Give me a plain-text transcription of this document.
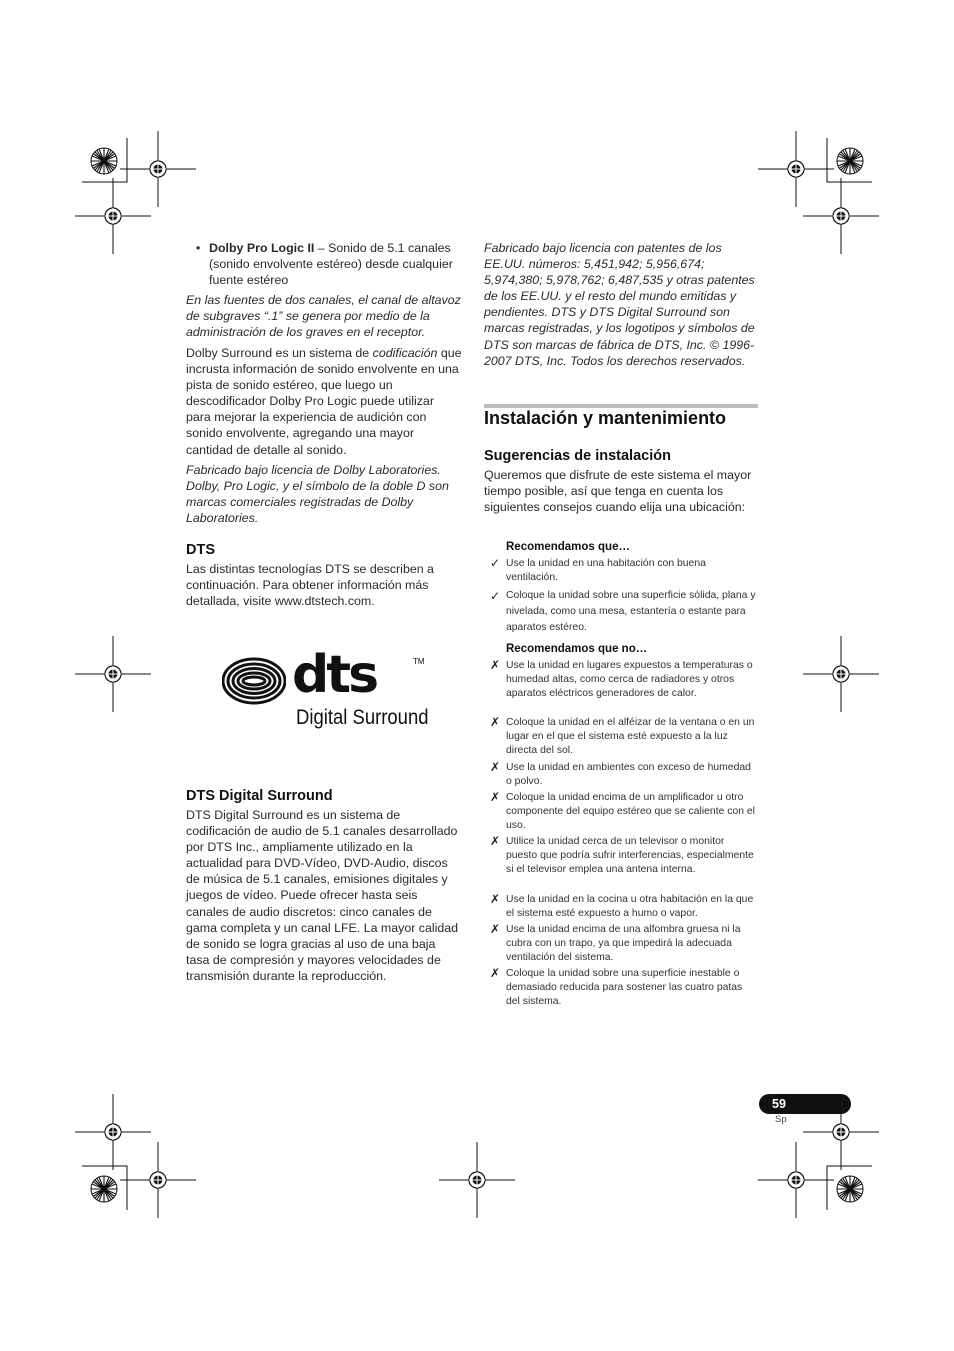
• Dolby Pro Logic II – Sonido de 5.1 canales (sonido envolvente estéreo) desde cualquier fuente estéreo

En las fuentes de dos canales, el canal de altavoz de subgraves “.1” se genera por medio de la administración de los graves en el receptor.

Dolby Surround es un sistema de codificación que incrusta información de sonido envolvente en una pista de sonido estéreo, que luego un descodificador Dolby Pro Logic puede utilizar para mejorar la experiencia de audición con sonido envolvente, agregando una mayor cantidad de detalle al sonido.

Fabricado bajo licencia de Dolby Laboratories. Dolby, Pro Logic, y el símbolo de la doble D son marcas comerciales registradas de Dolby Laboratories.

DTS

Las distintas tecnologías DTS se describen a continuación. Para obtener información más detallada, visite www.dtstech.com.

dts	TM
Digital Surround
DTS Digital Surround

DTS Digital Surround es un sistema de codificación de audio de 5.1 canales desarrollado por DTS Inc., ampliamente utilizado en la actualidad para DVD-Vídeo, DVD-Audio, discos de música de 5.1 canales, emisiones digitales y juegos de vídeo. Puede ofrecer hasta seis canales de audio discretos: cinco canales de gama completa y un canal LFE. La mayor calidad de sonido se logra gracias al uso de una baja tasa de compresión y mayores velocidades de transmisión durante la reproducción.

Fabricado bajo licencia con patentes de los EE.UU. números: 5,451,942; 5,956,674; 5,974,380; 5,978,762; 6,487,535 y otras patentes de los EE.UU. y el resto del mundo emitidas y pendientes. DTS y DTS Digital Surround son marcas registradas, y los logotipos y símbolos de DTS son marcas de fábrica de DTS, Inc. © 1996-2007 DTS, Inc. Todos los derechos reservados.

Instalación y mantenimiento
Sugerencias de instalación

Queremos que disfrute de este sistema el mayor tiempo posible, así que tenga en cuenta los siguientes consejos cuando elija una ubicación:

Recomendamos que…
✓ Use la unidad en una habitación con buena ventilación.
✓ Coloque la unidad sobre una superficie sólida, plana y nivelada, como una mesa, estantería o estante para aparatos estéreo.
Recomendamos que no…
✗ Use la unidad en lugares expuestos a temperaturas o humedad altas, como cerca de radiadores y otros aparatos eléctricos generadores de calor.
✗ Coloque la unidad en el alféizar de la ventana o en un lugar en el que el sistema esté expuesto a la luz directa del sol.
✗ Use la unidad en ambientes con exceso de humedad o polvo.
✗ Coloque la unidad encima de un amplificador u otro componente del equipo estéreo que se caliente con el uso.
✗ Utilice la unidad cerca de un televisor o monitor puesto que podría sufrir interferencias, especialmente si el televisor emplea una antena interna.
✗ Use la unidad en la cocina u otra habitación en la que el sistema esté expuesto a humo o vapor.
✗ Use la unidad encima de una alfombra gruesa ni la cubra con un trapo, ya que impedirá la adecuada ventilación del sistema.
✗ Coloque la unidad sobre una superficie inestable o demasiado reducida para sostener las cuatro patas del sistema.
59
Sp
